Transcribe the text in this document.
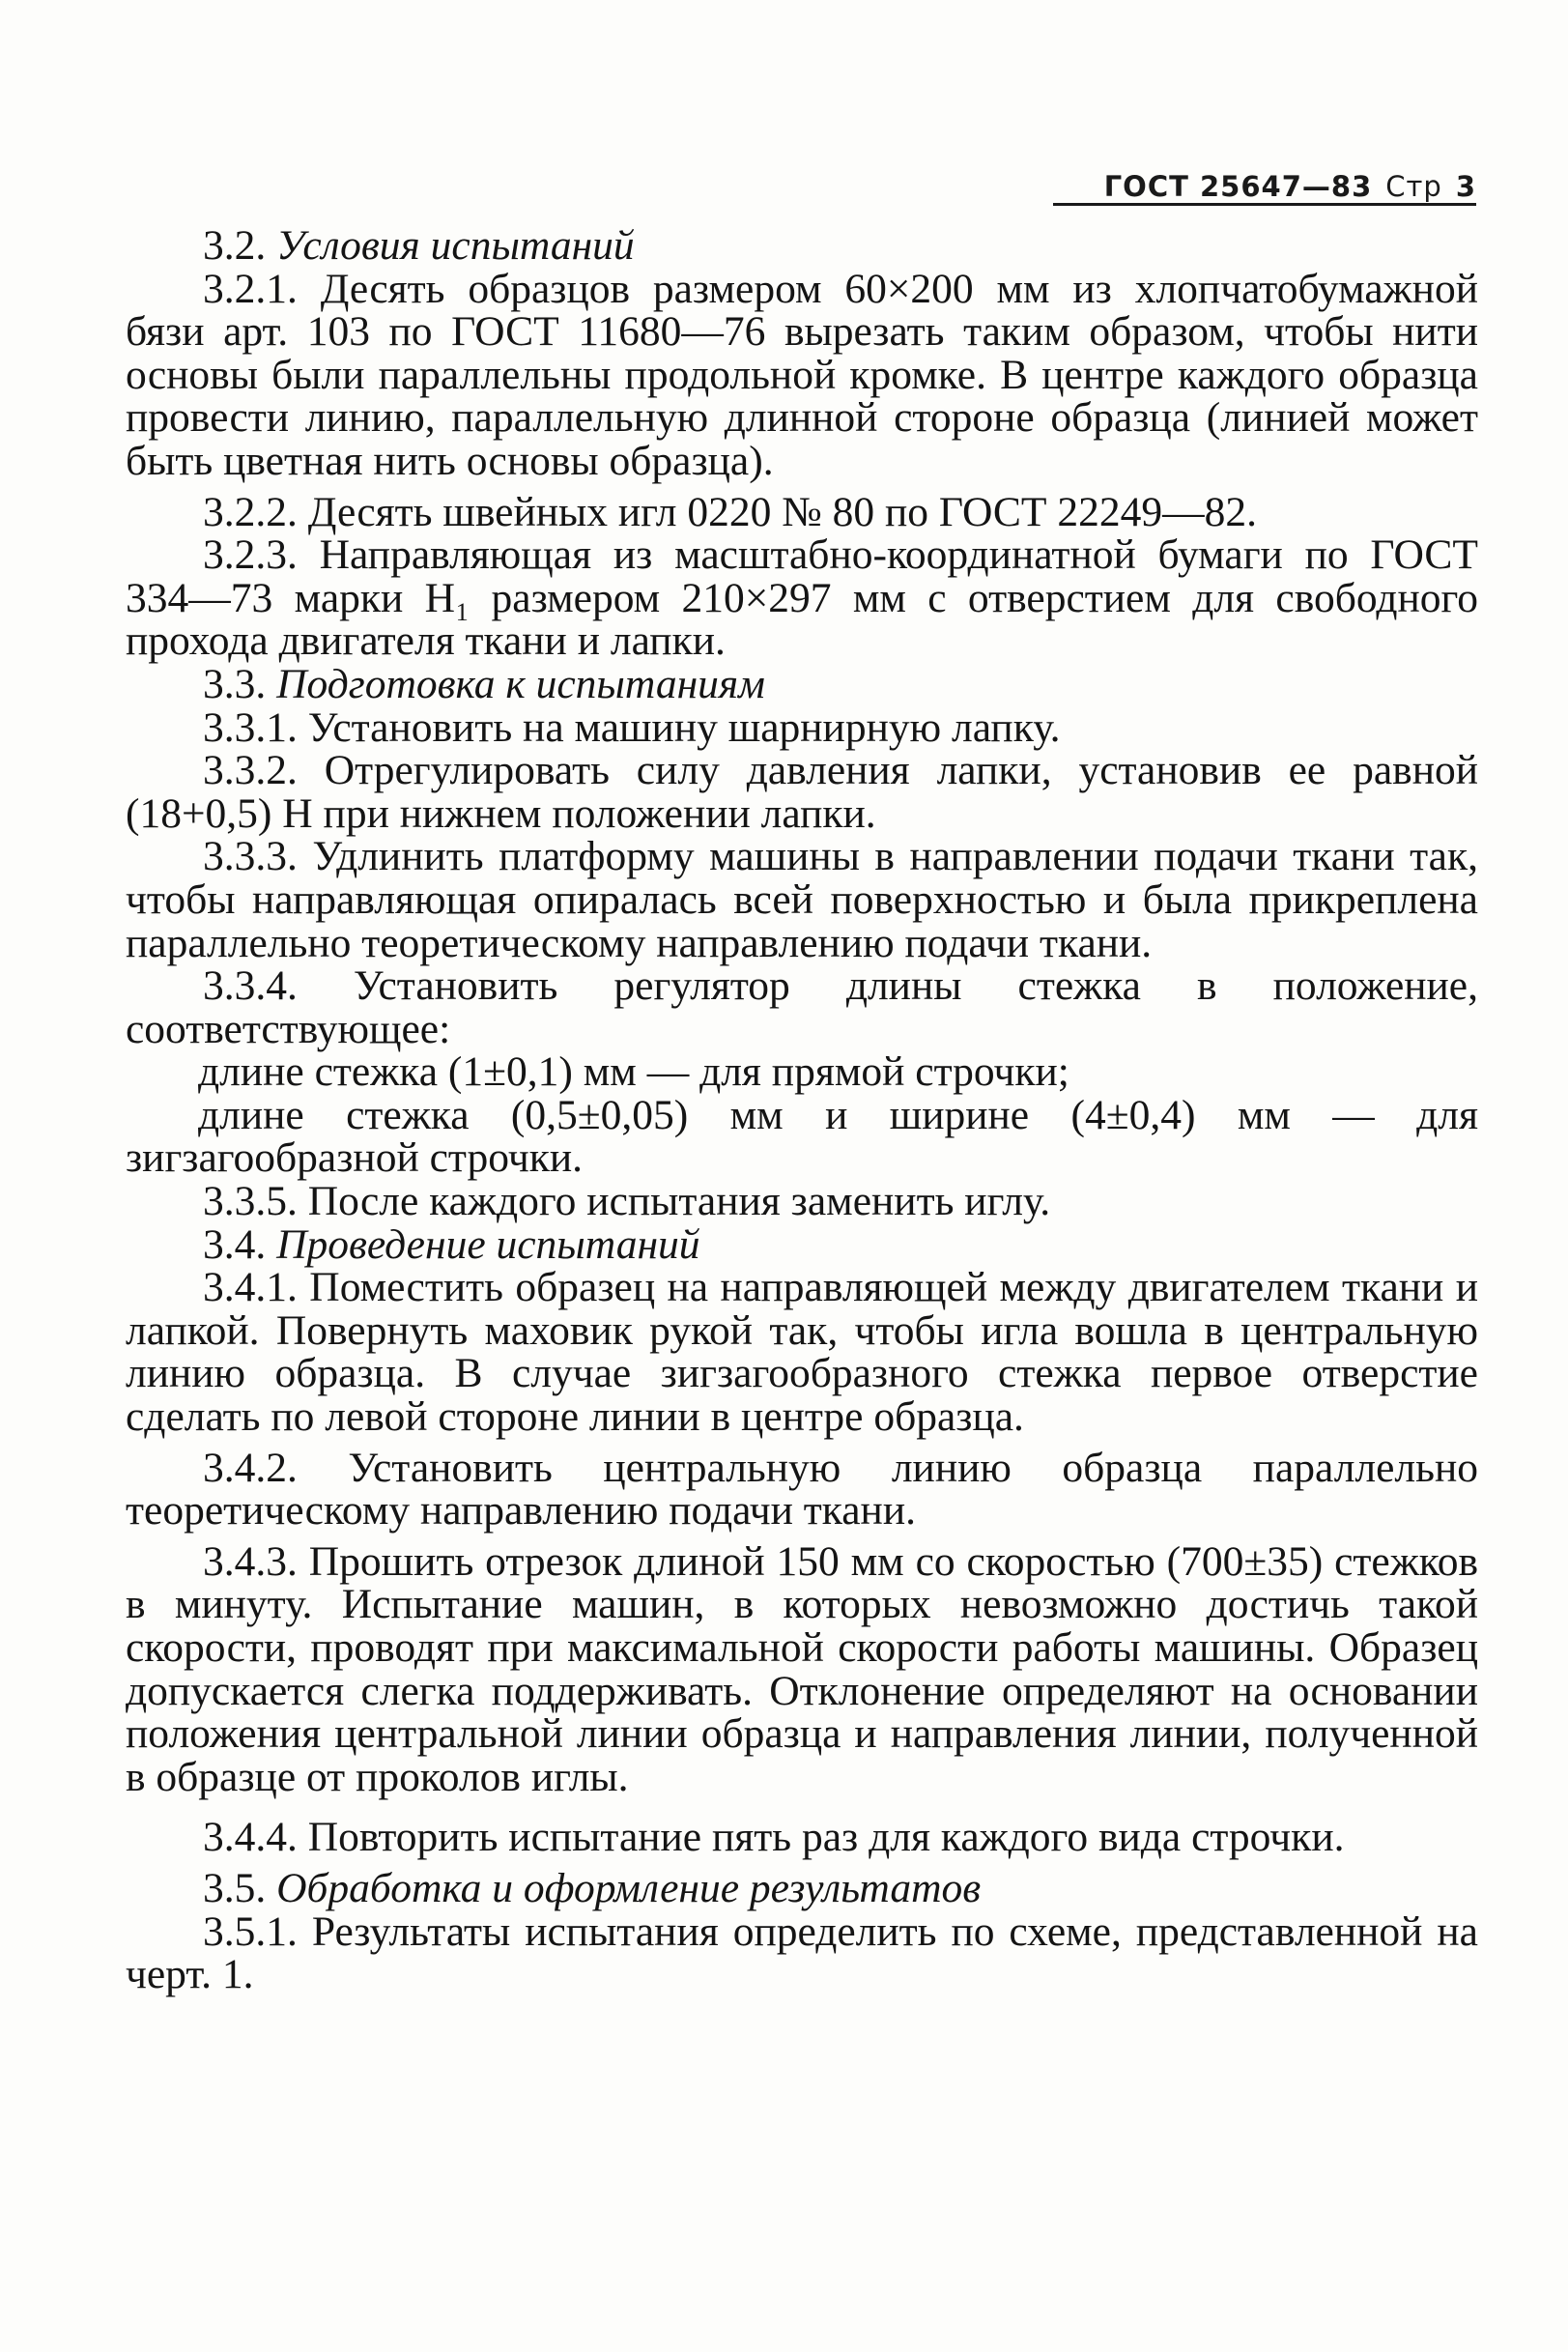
ГОСТ 25647—83 Стр 3

3.2. Условия испытаний

3.2.1. Десять образцов размером 60×200 мм из хлопчатобумажной бязи арт. 103 по ГОСТ 11680—76 вырезать таким образом, чтобы нити основы были параллельны продольной кромке. В центре каждого образца провести линию, параллельную длинной стороне образца (линией может быть цветная нить основы образца).

3.2.2. Десять швейных игл 0220 № 80 по ГОСТ 22249—82.

3.2.3. Направляющая из масштабно-координатной бумаги по ГОСТ 334—73 марки Н₁ размером 210×297 мм с отверстием для свободного прохода двигателя ткани и лапки.

3.3. Подготовка к испытаниям

3.3.1. Установить на машину шарнирную лапку.

3.3.2. Отрегулировать силу давления лапки, установив ее равной (18+0,5) Н при нижнем положении лапки.

3.3.3. Удлинить платформу машины в направлении подачи ткани так, чтобы направляющая опиралась всей поверхностью и была прикреплена параллельно теоретическому направлению подачи ткани.

3.3.4. Установить регулятор длины стежка в положение, соответствующее:

длине стежка (1±0,1) мм — для прямой строчки;

длине стежка (0,5±0,05) мм и ширине (4±0,4) мм — для зигзагообразной строчки.

3.3.5. После каждого испытания заменить иглу.

3.4. Проведение испытаний

3.4.1. Поместить образец на направляющей между двигателем ткани и лапкой. Повернуть маховик рукой так, чтобы игла вошла в центральную линию образца. В случае зигзагообразного стежка первое отверстие сделать по левой стороне линии в центре образца.

3.4.2. Установить центральную линию образца параллельно теоретическому направлению подачи ткани.

3.4.3. Прошить отрезок длиной 150 мм со скоростью (700±35) стежков в минуту. Испытание машин, в которых невозможно достичь такой скорости, проводят при максимальной скорости работы машины. Образец допускается слегка поддерживать. Отклонение определяют на основании положения центральной линии образца и направления линии, полученной в образце от проколов иглы.

3.4.4. Повторить испытание пять раз для каждого вида строчки.

3.5. Обработка и оформление результатов

3.5.1. Результаты испытания определить по схеме, представленной на черт. 1.
